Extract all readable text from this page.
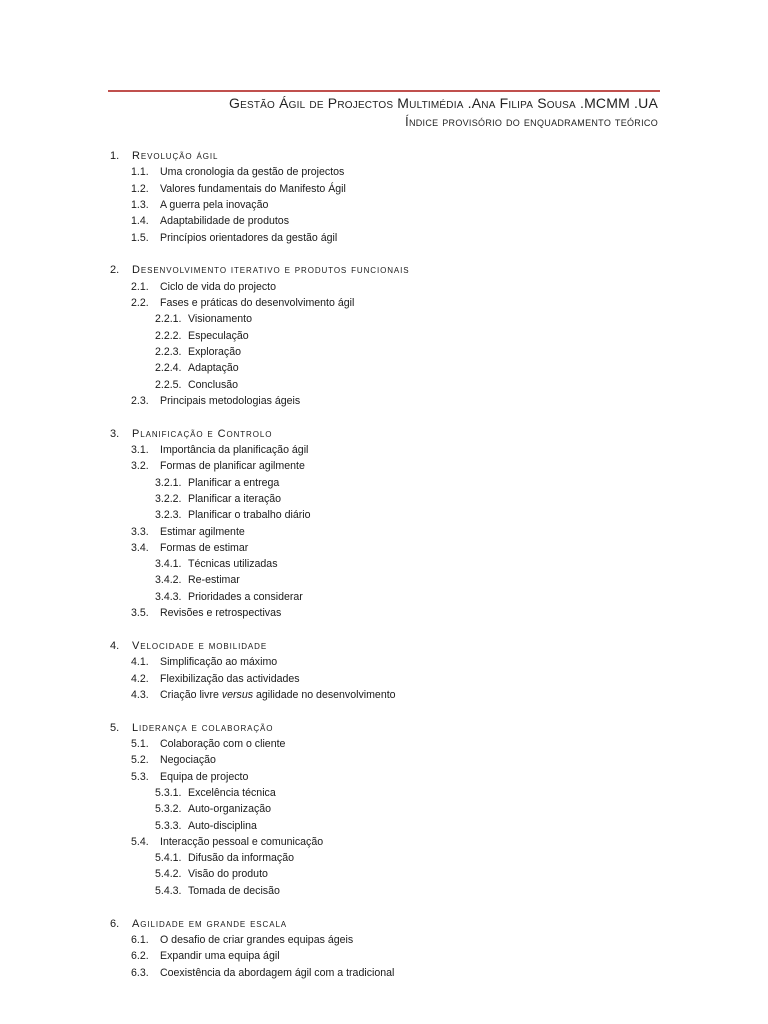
Gestão Ágil de Projectos Multimédia .Ana Filipa Sousa .MCMM .UA
Índice provisório do enquadramento teórico
1. Revolução ágil
1.1. Uma cronologia da gestão de projectos
1.2. Valores fundamentais do Manifesto Ágil
1.3. A guerra pela inovação
1.4. Adaptabilidade de produtos
1.5. Princípios orientadores da gestão ágil
2. Desenvolvimento iterativo e produtos funcionais
2.1. Ciclo de vida do projecto
2.2. Fases e práticas do desenvolvimento ágil
2.2.1. Visionamento
2.2.2. Especulação
2.2.3. Exploração
2.2.4. Adaptação
2.2.5. Conclusão
2.3. Principais metodologias ágeis
3. Planificação e Controlo
3.1. Importância da planificação ágil
3.2. Formas de planificar agilmente
3.2.1. Planificar a entrega
3.2.2. Planificar a iteração
3.2.3. Planificar o trabalho diário
3.3. Estimar agilmente
3.4. Formas de estimar
3.4.1. Técnicas utilizadas
3.4.2. Re-estimar
3.4.3. Prioridades a considerar
3.5. Revisões e retrospectivas
4. Velocidade e mobilidade
4.1. Simplificação ao máximo
4.2. Flexibilização das actividades
4.3. Criação livre versus agilidade no desenvolvimento
5. Liderança e colaboração
5.1. Colaboração com o cliente
5.2. Negociação
5.3. Equipa de projecto
5.3.1. Excelência técnica
5.3.2. Auto-organização
5.3.3. Auto-disciplina
5.4. Interacção pessoal e comunicação
5.4.1. Difusão da informação
5.4.2. Visão do produto
5.4.3. Tomada de decisão
6. Agilidade em grande escala
6.1. O desafio de criar grandes equipas ágeis
6.2. Expandir uma equipa ágil
6.3. Coexistência da abordagem ágil com a tradicional
